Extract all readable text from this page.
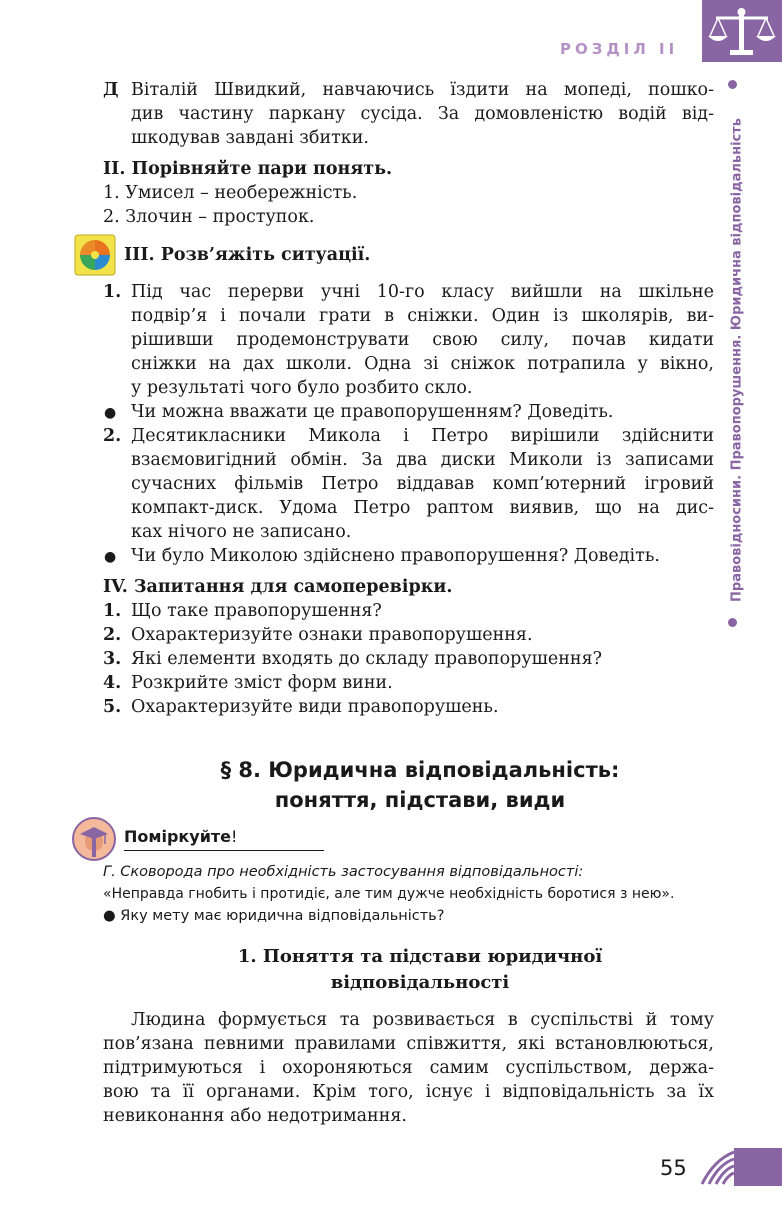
РОЗДІЛ II
Правовідносини. Правопорушення. Юридична відповідальність
Д Віталій Швидкий, навчаючись їздити на мопеді, пошко-
див частину паркану сусіда. За домовленістю водій від-
шкодував завдані збитки.
II. Порівняйте пари понять.
1. Умисел – необережність.
2. Злочин – проступок.
III. Розв’яжіть ситуації.
1. Під час перерви учні 10-го класу вийшли на шкільне
подвір’я і почали грати в сніжки. Один із школярів, ви-
рішивши продемонструвати свою силу, почав кидати
сніжки на дах школи. Одна зі сніжок потрапила у вікно,
у результаті чого було розбито скло.
● Чи можна вважати це правопорушенням? Доведіть.
2. Десятикласники Микола і Петро вирішили здійснити
взаємовигідний обмін. За два диски Миколи із записами
сучасних фільмів Петро віддавав комп’ютерний ігровий
компакт-диск. Удома Петро раптом виявив, що на дис-
ках нічого не записано.
● Чи було Миколою здійснено правопорушення? Доведіть.
IV. Запитання для самоперевірки.
1. Що таке правопорушення?
2. Охарактеризуйте ознаки правопорушення.
3. Які елементи входять до складу правопорушення?
4. Розкрийте зміст форм вини.
5. Охарактеризуйте види правопорушень.
§ 8. Юридична відповідальність:
поняття, підстави, види
Поміркуйте!
Г. Сковорода про необхідність застосування відповідальності:
«Неправда гнобить і протидіє, але тим дужче необхідність боротися з нею».
● Яку мету має юридична відповідальність?
1. Поняття та підстави юридичної
відповідальності
Людина формується та розвивається в суспільстві й тому
пов’язана певними правилами співжиття, які встановлюються,
підтримуються і охороняються самим суспільством, держа-
вою та її органами. Крім того, існує і відповідальність за їх
невиконання або недотримання.
55
